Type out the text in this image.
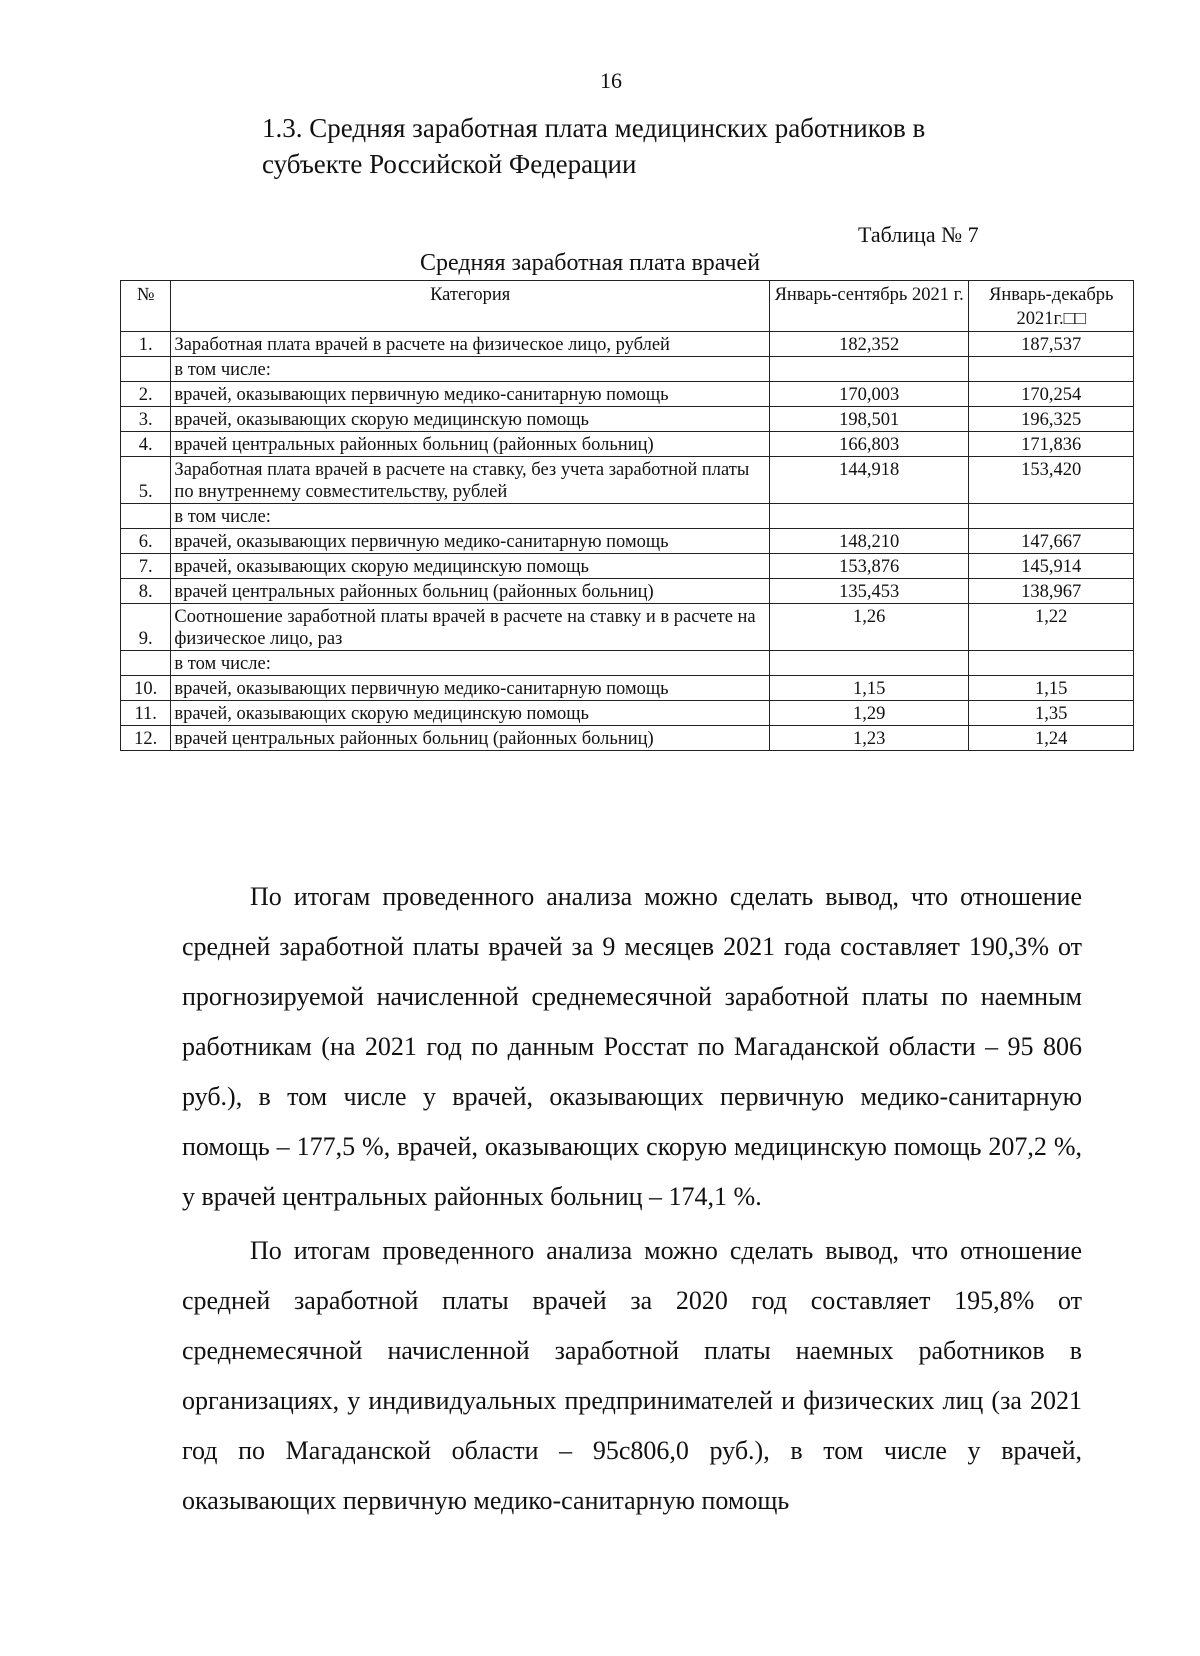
16
1.3. Средняя заработная плата медицинских работников в субъекте Российской Федерации
Таблица № 7
Средняя заработная плата врачей
№	Категория	Январь-сентябрь 2021 г.	Январь-декабрь 2021г.□□
1.	Заработная плата врачей в расчете на физическое лицо, рублей	182,352	187,537
	в том числе:		
2.	врачей, оказывающих первичную медико-санитарную помощь	170,003	170,254
3.	врачей, оказывающих скорую медицинскую помощь	198,501	196,325
4.	врачей центральных районных больниц (районных больниц)	166,803	171,836
5.	Заработная плата врачей в расчете на ставку, без учета заработной платы по внутреннему совместительству, рублей	144,918	153,420
	в том числе:		
6.	врачей, оказывающих первичную медико-санитарную помощь	148,210	147,667
7.	врачей, оказывающих скорую медицинскую помощь	153,876	145,914
8.	врачей центральных районных больниц (районных больниц)	135,453	138,967
9.	Соотношение заработной платы врачей в расчете на ставку и в расчете на физическое лицо, раз	1,26	1,22
	в том числе:		
10.	врачей, оказывающих первичную медико-санитарную помощь	1,15	1,15
11.	врачей, оказывающих скорую медицинскую помощь	1,29	1,35
12.	врачей центральных районных больниц (районных больниц)	1,23	1,24

По итогам проведенного анализа можно сделать вывод, что отношение средней заработной платы врачей за 9 месяцев 2021 года составляет 190,3% от прогнозируемой начисленной среднемесячной заработной платы по наемным работникам (на 2021 год по данным Росстат по Магаданской области – 95 806 руб.), в том числе у врачей, оказывающих первичную медико-санитарную помощь – 177,5 %, врачей, оказывающих скорую медицинскую помощь 207,2 %, у врачей центральных районных больниц – 174,1 %.

По итогам проведенного анализа можно сделать вывод, что отношение средней заработной платы врачей за 2020 год составляет 195,8% от среднемесячной начисленной заработной платы наемных работников в организациях, у индивидуальных предпринимателей и физических лиц (за 2021 год по Магаданской области – 95с806,0 руб.), в том числе у врачей, оказывающих первичную медико-санитарную помощь
